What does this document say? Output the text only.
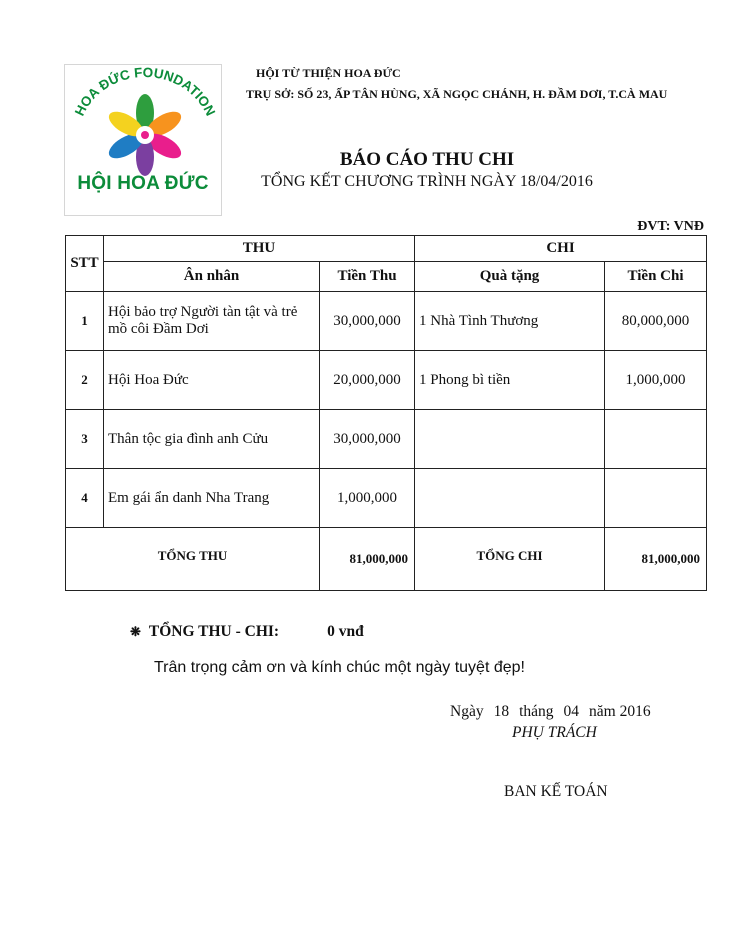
HOA ĐỨC FOUNDATION
HỘI HOA ĐỨC
HỘI TỪ THIỆN HOA ĐỨC
TRỤ SỞ: SỐ 23, ẤP TÂN HÙNG, XÃ NGỌC CHÁNH, H. ĐẦM DƠI, T.CÀ MAU
BÁO CÁO THU CHI
TỔNG KẾT CHƯƠNG TRÌNH NGÀY 18/04/2016
ĐVT: VNĐ
STT	THU		CHI	
	Ân nhân	Tiền Thu	Quà tặng	Tiền Chi
1	Hội bảo trợ Người tàn tật và trẻ mồ côi Đầm Dơi	30,000,000	1 Nhà Tình Thương	80,000,000
2	Hội Hoa Đức	20,000,000	1 Phong bì tiền	1,000,000
3	Thân tộc gia đình anh Cửu	30,000,000		
4	Em gái ẩn danh Nha Trang	1,000,000		
TỔNG THU		81,000,000	TỔNG CHI	81,000,000
❋ TỔNG THU - CHI:	0 vnđ
Trân trọng cảm ơn và kính chúc một ngày tuyệt đẹp!
Ngày 18 tháng 04 năm 2016
PHỤ TRÁCH
BAN KẾ TOÁN
